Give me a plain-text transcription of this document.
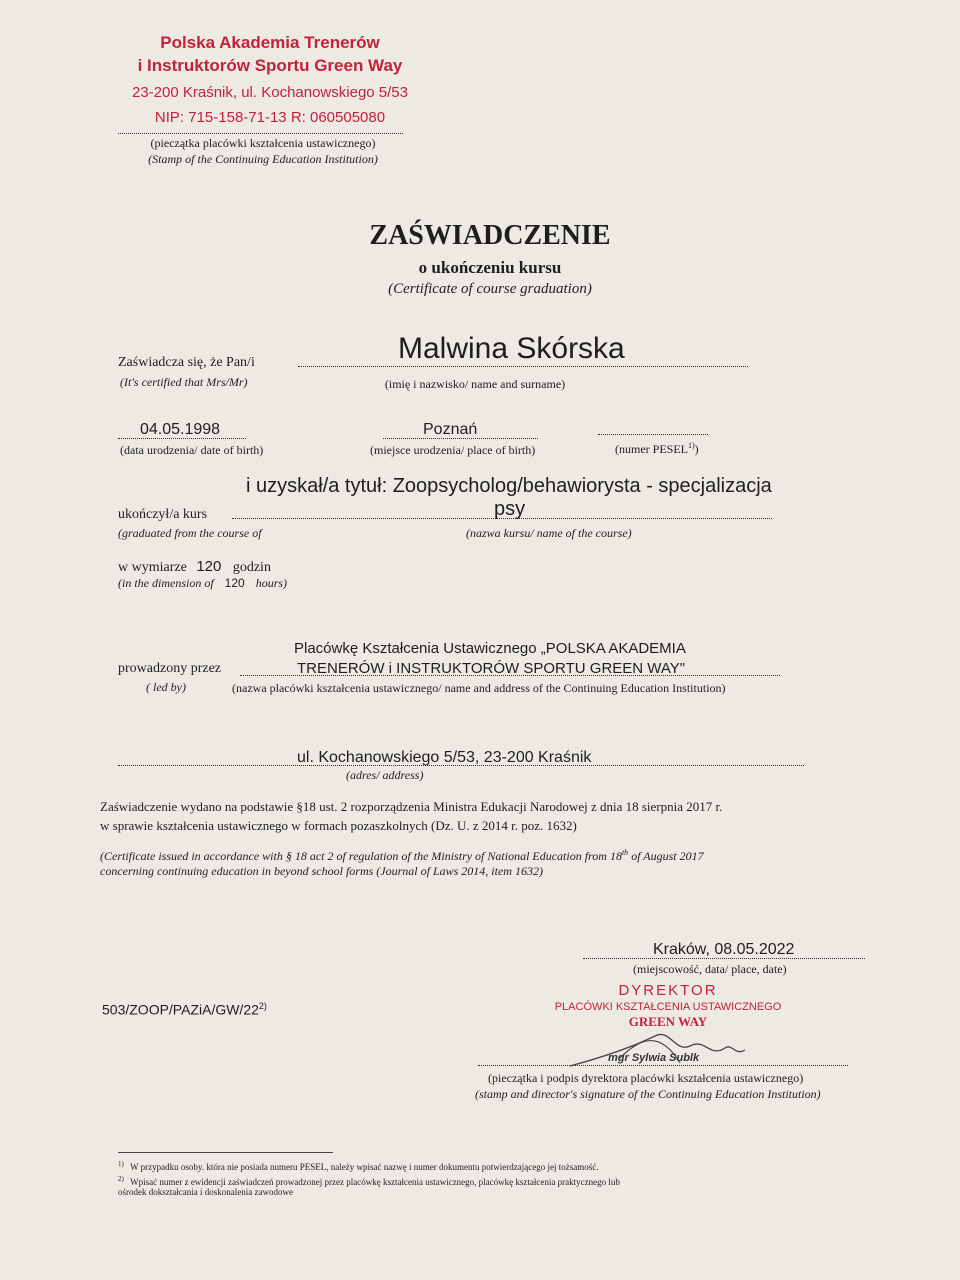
Polska Akademia Trenerów
i Instruktorów Sportu Green Way
23-200 Kraśnik, ul. Kochanowskiego 5/53
NIP: 715-158-71-13 R: 060505080
(pieczątka placówki kształcenia ustawicznego)
(Stamp of the Continuing Education Institution)
ZAŚWIADCZENIE
o ukończeniu kursu
(Certificate of course graduation)
Zaświadcza się, że Pan/i
(It's certified that Mrs/Mr)
Malwina Skórska
(imię i nazwisko/ name and surname)
04.05.1998
(data urodzenia/ date of birth)
Poznań
(miejsce urodzenia/ place of birth)	(numer PESEL$^{1)}$)
i uzyskał/a tytuł: Zoopsycholog/behawiorysta - specjalizacja
ukończył/a kurs	psy
(graduated from the course of	(nazwa kursu/ name of the course)
w wymiarze 120 godzin
(in the dimension of 120 hours)
Placówkę Kształcenia Ustawicznego „POLSKA AKADEMIA
prowadzony przez	TRENERÓW i INSTRUKTORÓW SPORTU GREEN WAY"
( led by)	(nazwa placówki kształcenia ustawicznego/ name and address of the Continuing Education Institution)
ul. Kochanowskiego 5/53, 23-200 Kraśnik
(adres/ address)
Zaświadczenie wydano na podstawie §18 ust. 2 rozporządzenia Ministra Edukacji Narodowej z dnia 18 sierpnia 2017 r.
w sprawie kształcenia ustawicznego w formach pozaszkolnych (Dz. U. z 2014 r. poz. 1632)
(Certificate issued in accordance with § 18 act 2 of regulation of the Ministry of National Education from 18th of August 2017
concerning continuing education in beyond school forms (Journal of Laws 2014, item 1632)
Kraków, 08.05.2022
(miejscowość, data/ place, date)
503/ZOOP/PAZiA/GW/22$^{2)}$
DYREKTOR
PLACÓWKI KSZTAŁCENIA USTAWICZNEGO
GREEN WAY
mgr Sylwia Sublk
(pieczątka i podpis dyrektora placówki kształcenia ustawicznego)
(stamp and director's signature of the Continuing Education Institution)
$^{1)}$ W przypadku osoby. która nie posiada numeru PESEL, należy wpisać nazwę i numer dokumentu potwierdzającego jej tożsamość.
$^{2)}$ Wpisać numer z ewidencji zaświadczeń prowadzonej przez placówkę kształcenia ustawicznego, placówkę kształcenia praktycznego lub
ośrodek dokształcania i doskonalenia zawodowe
